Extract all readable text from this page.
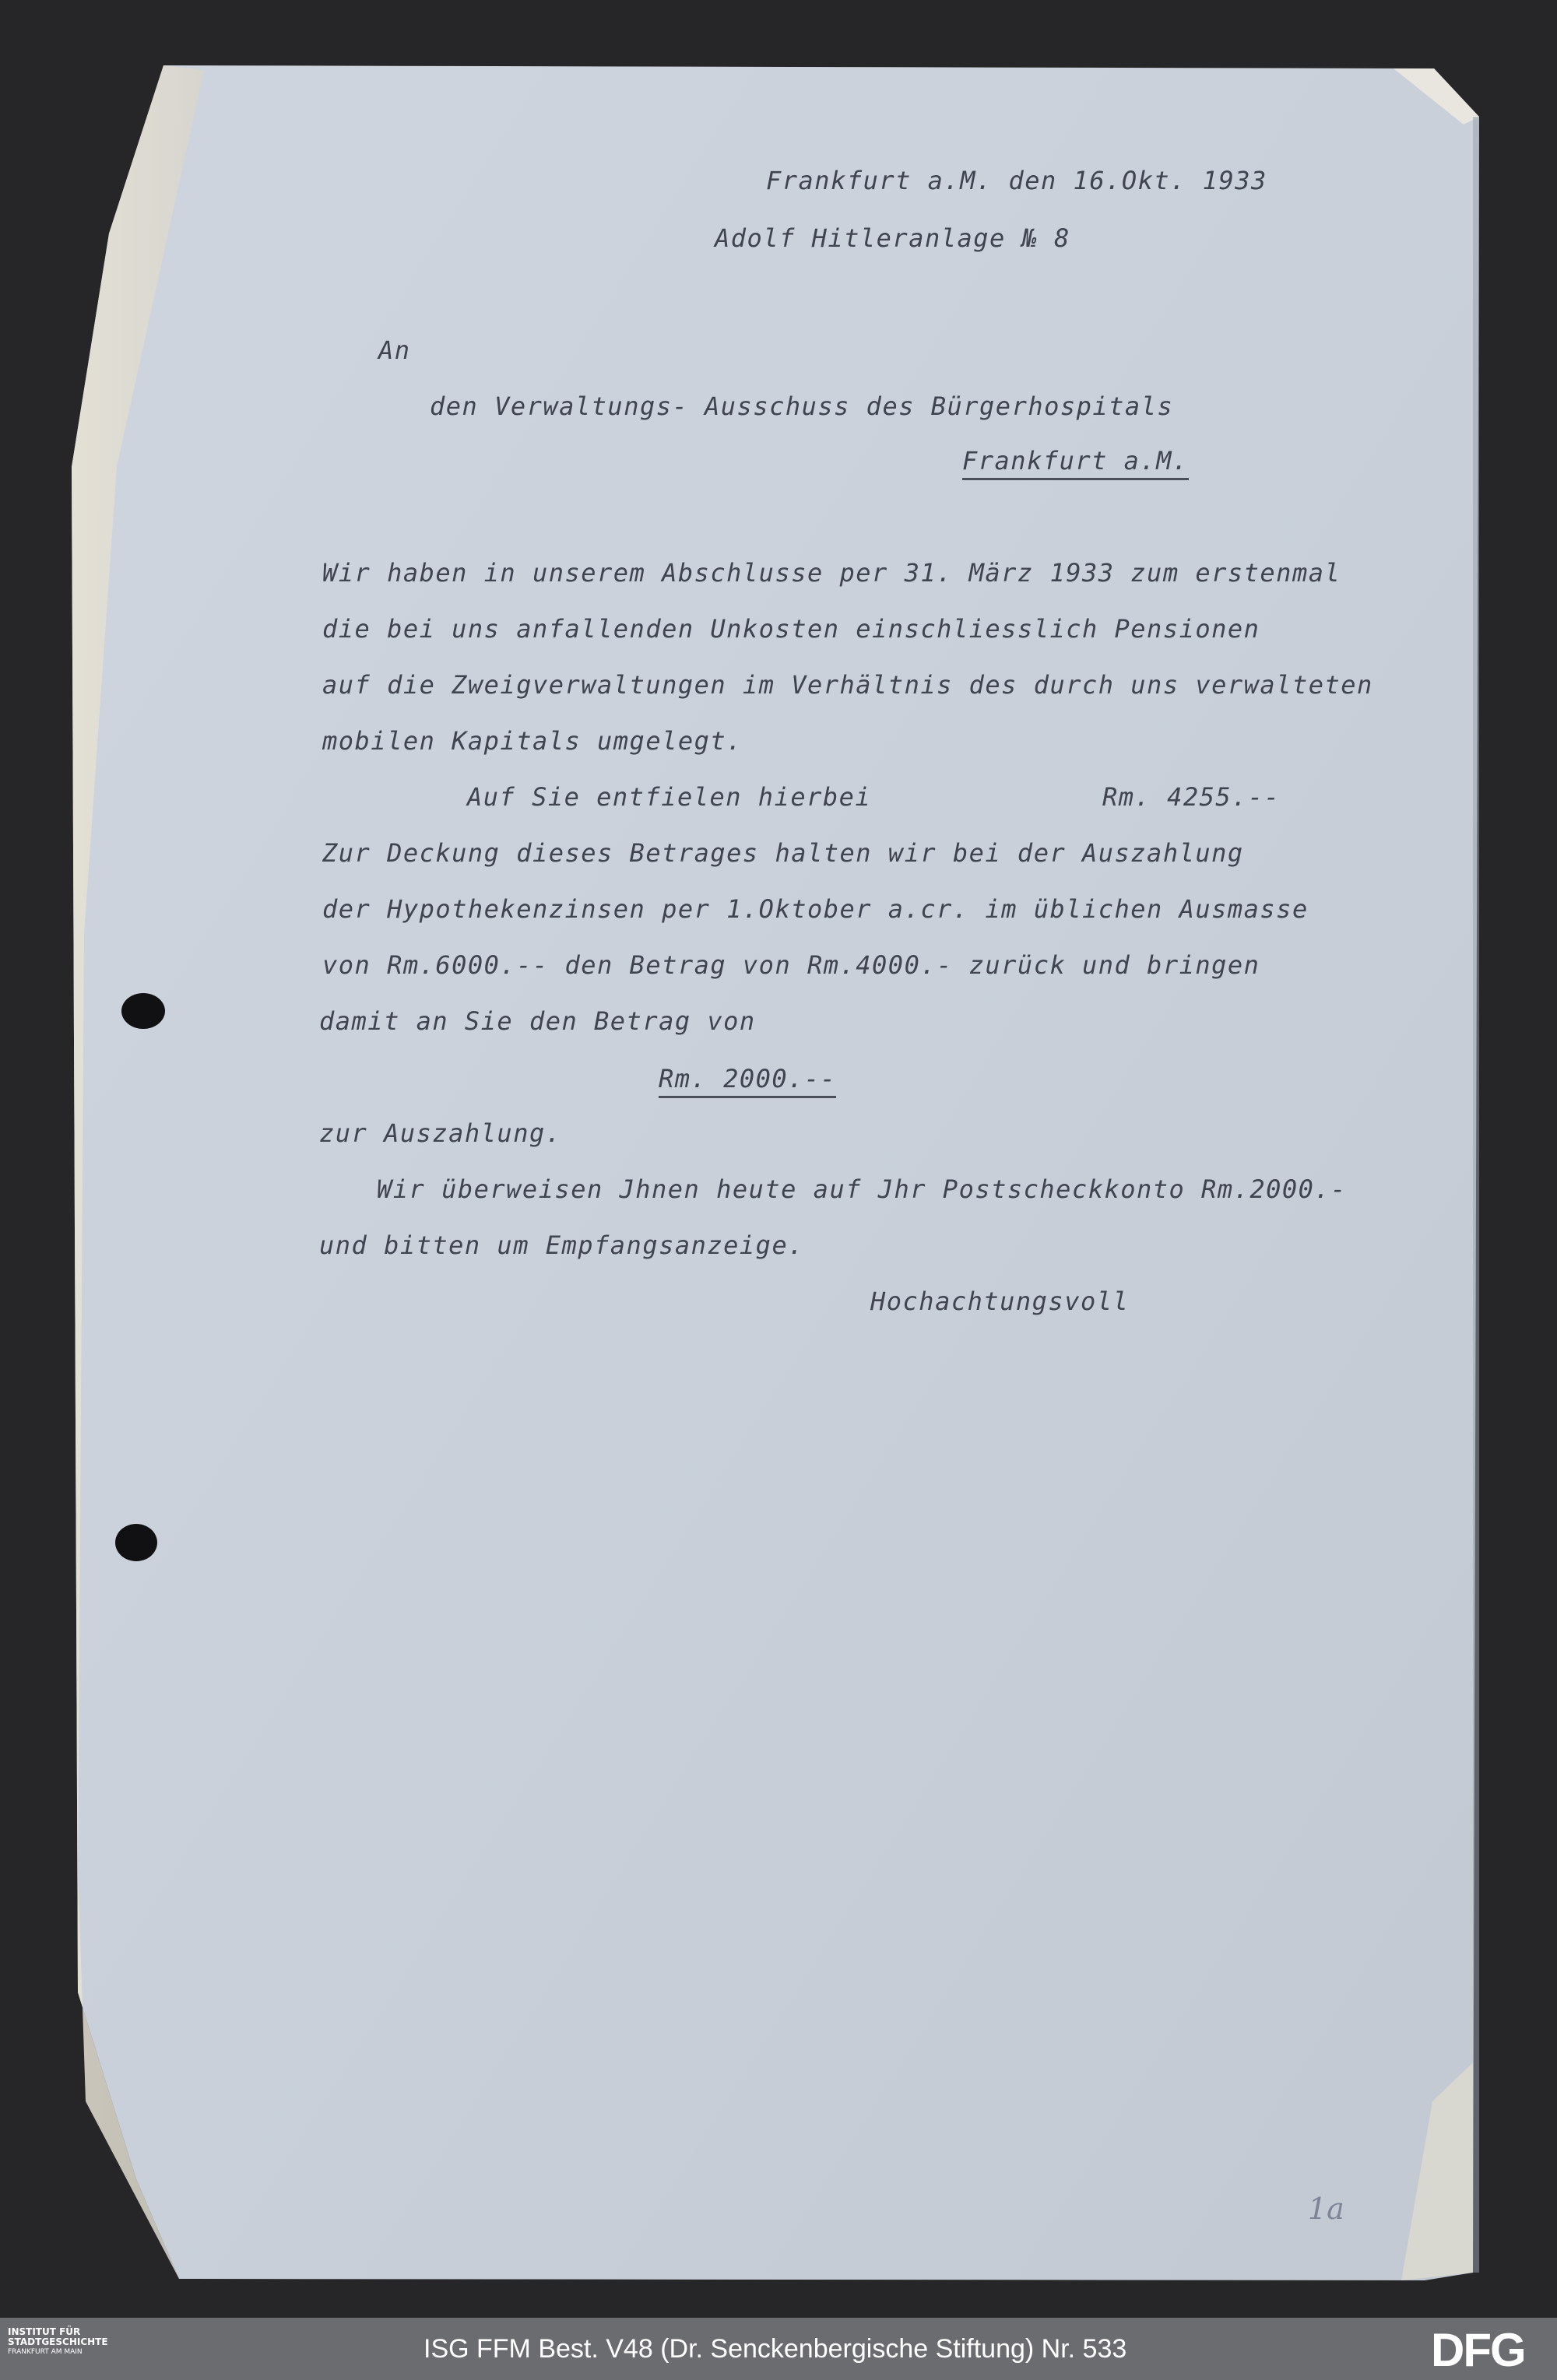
Frankfurt a.M. den 16.Okt. 1933
Adolf Hitleranlage № 8
An
den Verwaltungs- Ausschuss des Bürgerhospitals
Frankfurt a.M.
Wir haben in unserem Abschlusse per 31. März 1933 zum erstenmal
die bei uns anfallenden Unkosten einschliesslich Pensionen
auf die Zweigverwaltungen im Verhältnis des durch uns verwalteten
mobilen Kapitals umgelegt.
Auf Sie entfielen hierbei	Rm. 4255.--
Zur Deckung dieses Betrages halten wir bei der Auszahlung
der Hypothekenzinsen per 1.Oktober a.cr. im üblichen Ausmasse
von Rm.6000.-- den Betrag von Rm.4000.- zurück und bringen
damit an Sie den Betrag von
Rm. 2000.--
zur Auszahlung.
Wir überweisen Jhnen heute auf Jhr Postscheckkonto Rm.2000.-
und bitten um Empfangsanzeige.
Hochachtungsvoll
1a
INSTITUT FÜR
STADTGESCHICHTE
FRANKFURT AM MAIN	ISG FFM Best. V48 (Dr. Senckenbergische Stiftung) Nr. 533	DFG
